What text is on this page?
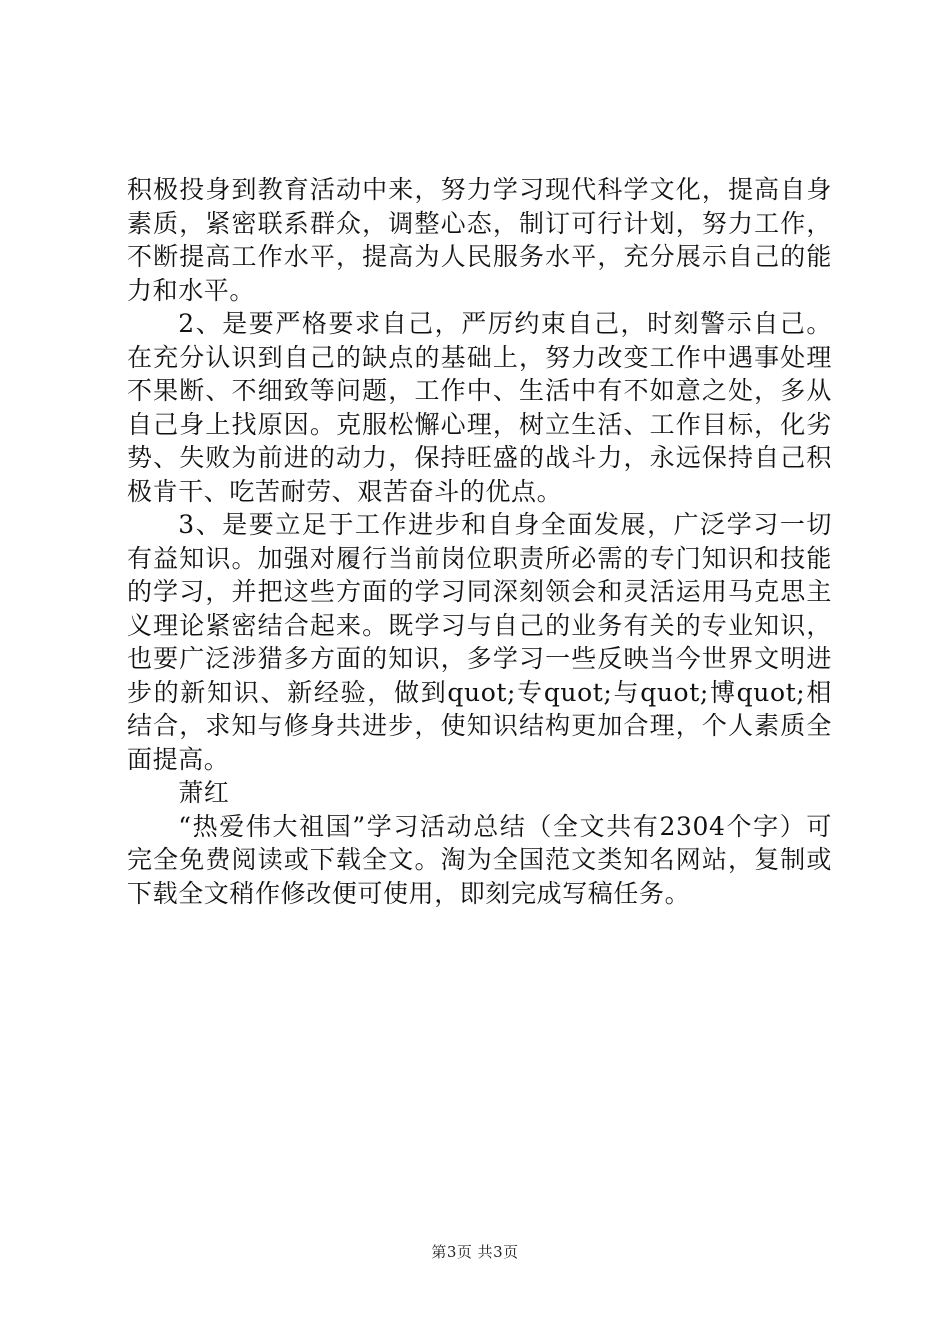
积极投身到教育活动中来，努力学习现代科学文化，提高自身素质，紧密联系群众，调整心态，制订可行计划，努力工作，不断提高工作水平，提高为人民服务水平，充分展示自己的能力和水平。

2、是要严格要求自己，严厉约束自己，时刻警示自己。在充分认识到自己的缺点的基础上，努力改变工作中遇事处理不果断、不细致等问题，工作中、生活中有不如意之处，多从自己身上找原因。克服松懈心理，树立生活、工作目标，化劣势、失败为前进的动力，保持旺盛的战斗力，永远保持自己积极肯干、吃苦耐劳、艰苦奋斗的优点。

3、是要立足于工作进步和自身全面发展，广泛学习一切有益知识。加强对履行当前岗位职责所必需的专门知识和技能的学习，并把这些方面的学习同深刻领会和灵活运用马克思主义理论紧密结合起来。既学习与自己的业务有关的专业知识，也要广泛涉猎多方面的知识，多学习一些反映当今世界文明进步的新知识、新经验，做到quot;专quot;与quot;博quot;相结合，求知与修身共进步，使知识结构更加合理，个人素质全面提高。

萧红

“热爱伟大祖国”学习活动总结（全文共有2304个字）可完全免费阅读或下载全文。淘为全国范文类知名网站，复制或下载全文稍作修改便可使用，即刻完成写稿任务。

第3页 共3页
